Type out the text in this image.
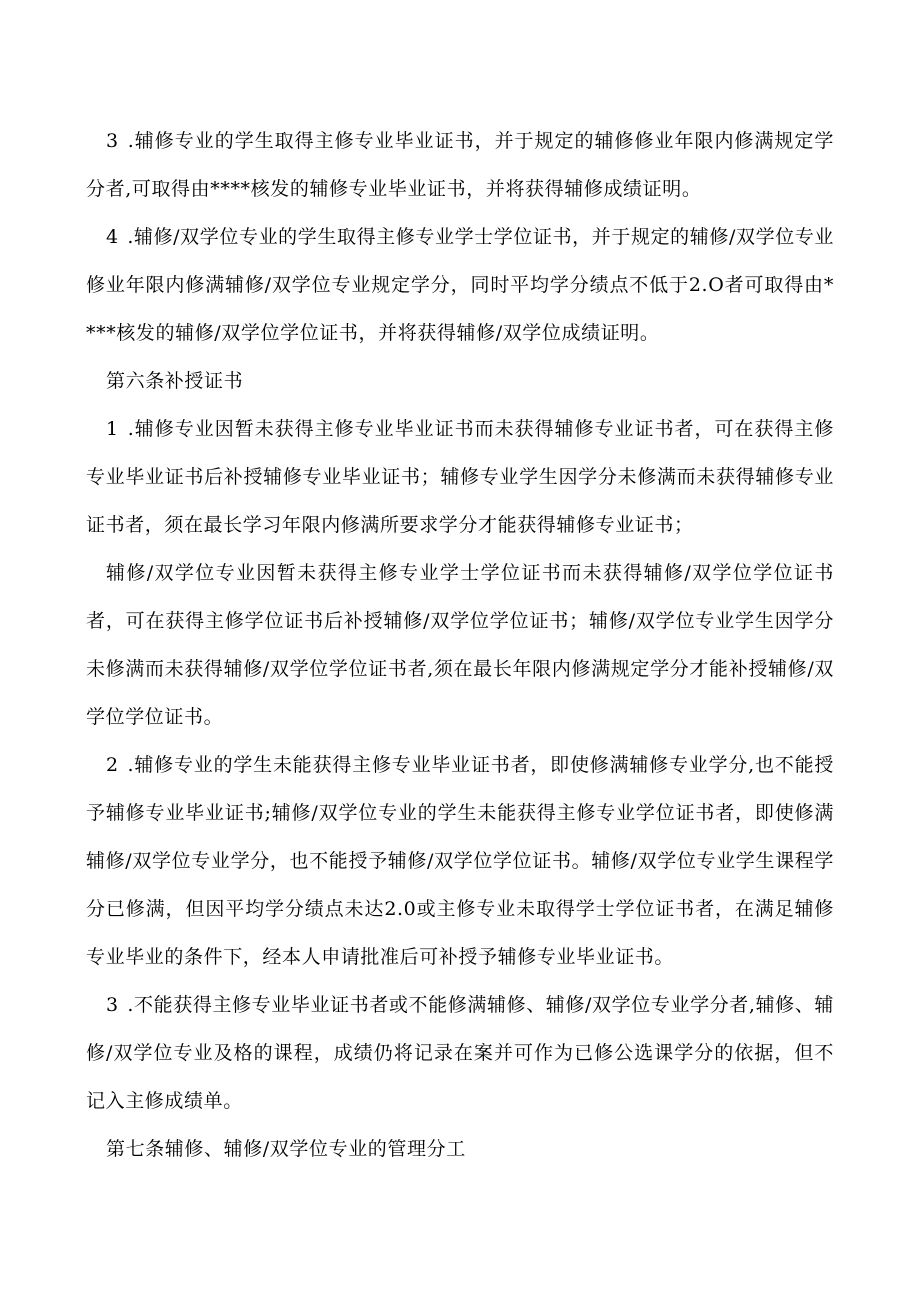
3 .辅修专业的学生取得主修专业毕业证书，并于规定的辅修修业年限内修满规定学分者,可取得由****核发的辅修专业毕业证书，并将获得辅修成绩证明。

4 .辅修/双学位专业的学生取得主修专业学士学位证书，并于规定的辅修/双学位专业修业年限内修满辅修/双学位专业规定学分，同时平均学分绩点不低于2.O者可取得由****核发的辅修/双学位学位证书，并将获得辅修/双学位成绩证明。

第六条补授证书

1 .辅修专业因暂未获得主修专业毕业证书而未获得辅修专业证书者，可在获得主修专业毕业证书后补授辅修专业毕业证书；辅修专业学生因学分未修满而未获得辅修专业证书者，须在最长学习年限内修满所要求学分才能获得辅修专业证书；

辅修/双学位专业因暂未获得主修专业学士学位证书而未获得辅修/双学位学位证书者，可在获得主修学位证书后补授辅修/双学位学位证书；辅修/双学位专业学生因学分未修满而未获得辅修/双学位学位证书者,须在最长年限内修满规定学分才能补授辅修/双学位学位证书。

2 .辅修专业的学生未能获得主修专业毕业证书者，即使修满辅修专业学分,也不能授予辅修专业毕业证书;辅修/双学位专业的学生未能获得主修专业学位证书者，即使修满辅修/双学位专业学分，也不能授予辅修/双学位学位证书。辅修/双学位专业学生课程学分已修满，但因平均学分绩点未达2.0或主修专业未取得学士学位证书者，在满足辅修专业毕业的条件下，经本人申请批准后可补授予辅修专业毕业证书。

3 .不能获得主修专业毕业证书者或不能修满辅修、辅修/双学位专业学分者,辅修、辅修/双学位专业及格的课程，成绩仍将记录在案并可作为已修公选课学分的依据，但不记入主修成绩单。

第七条辅修、辅修/双学位专业的管理分工
